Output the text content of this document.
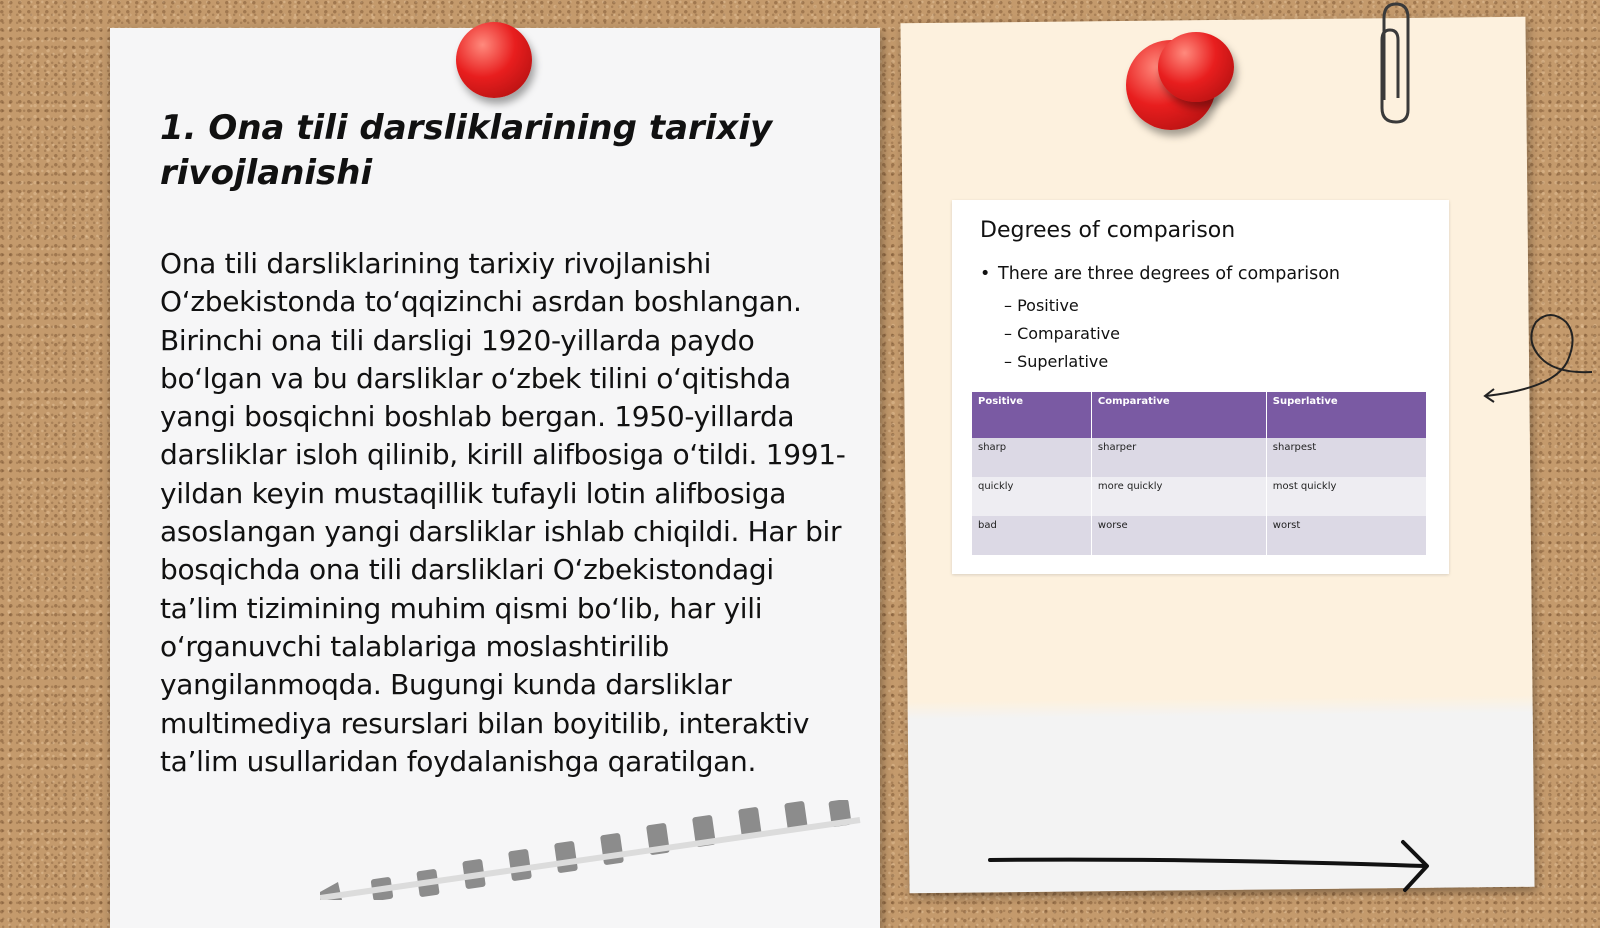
1. Ona tili darsliklarining tarixiy rivojlanishi

Ona tili darsliklarining tarixiy rivojlanishi O‘zbekistonda to‘qqizinchi asrdan boshlangan. Birinchi ona tili darsligi 1920-yillarda paydo bo‘lgan va bu darsliklar o‘zbek tilini o‘qitishda yangi bosqichni boshlab bergan. 1950-yillarda darsliklar isloh qilinib, kirill alifbosiga o‘tildi. 1991-yildan keyin mustaqillik tufayli lotin alifbosiga asoslangan yangi darsliklar ishlab chiqildi. Har bir bosqichda ona tili darsliklari O‘zbekistondagi ta’lim tizimining muhim qismi bo‘lib, har yili o‘rganuvchi talablariga moslashtirilib yangilanmoqda. Bugungi kunda darsliklar multimediya resurslari bilan boyitilib, interaktiv ta’lim usullaridan foydalanishga qaratilgan.

Degrees of comparison
• There are three degrees of comparison
– Positive
– Comparative
– Superlative
Positive	Comparative	Superlative
sharp	sharper	sharpest
quickly	more quickly	most quickly
bad	worse	worst
